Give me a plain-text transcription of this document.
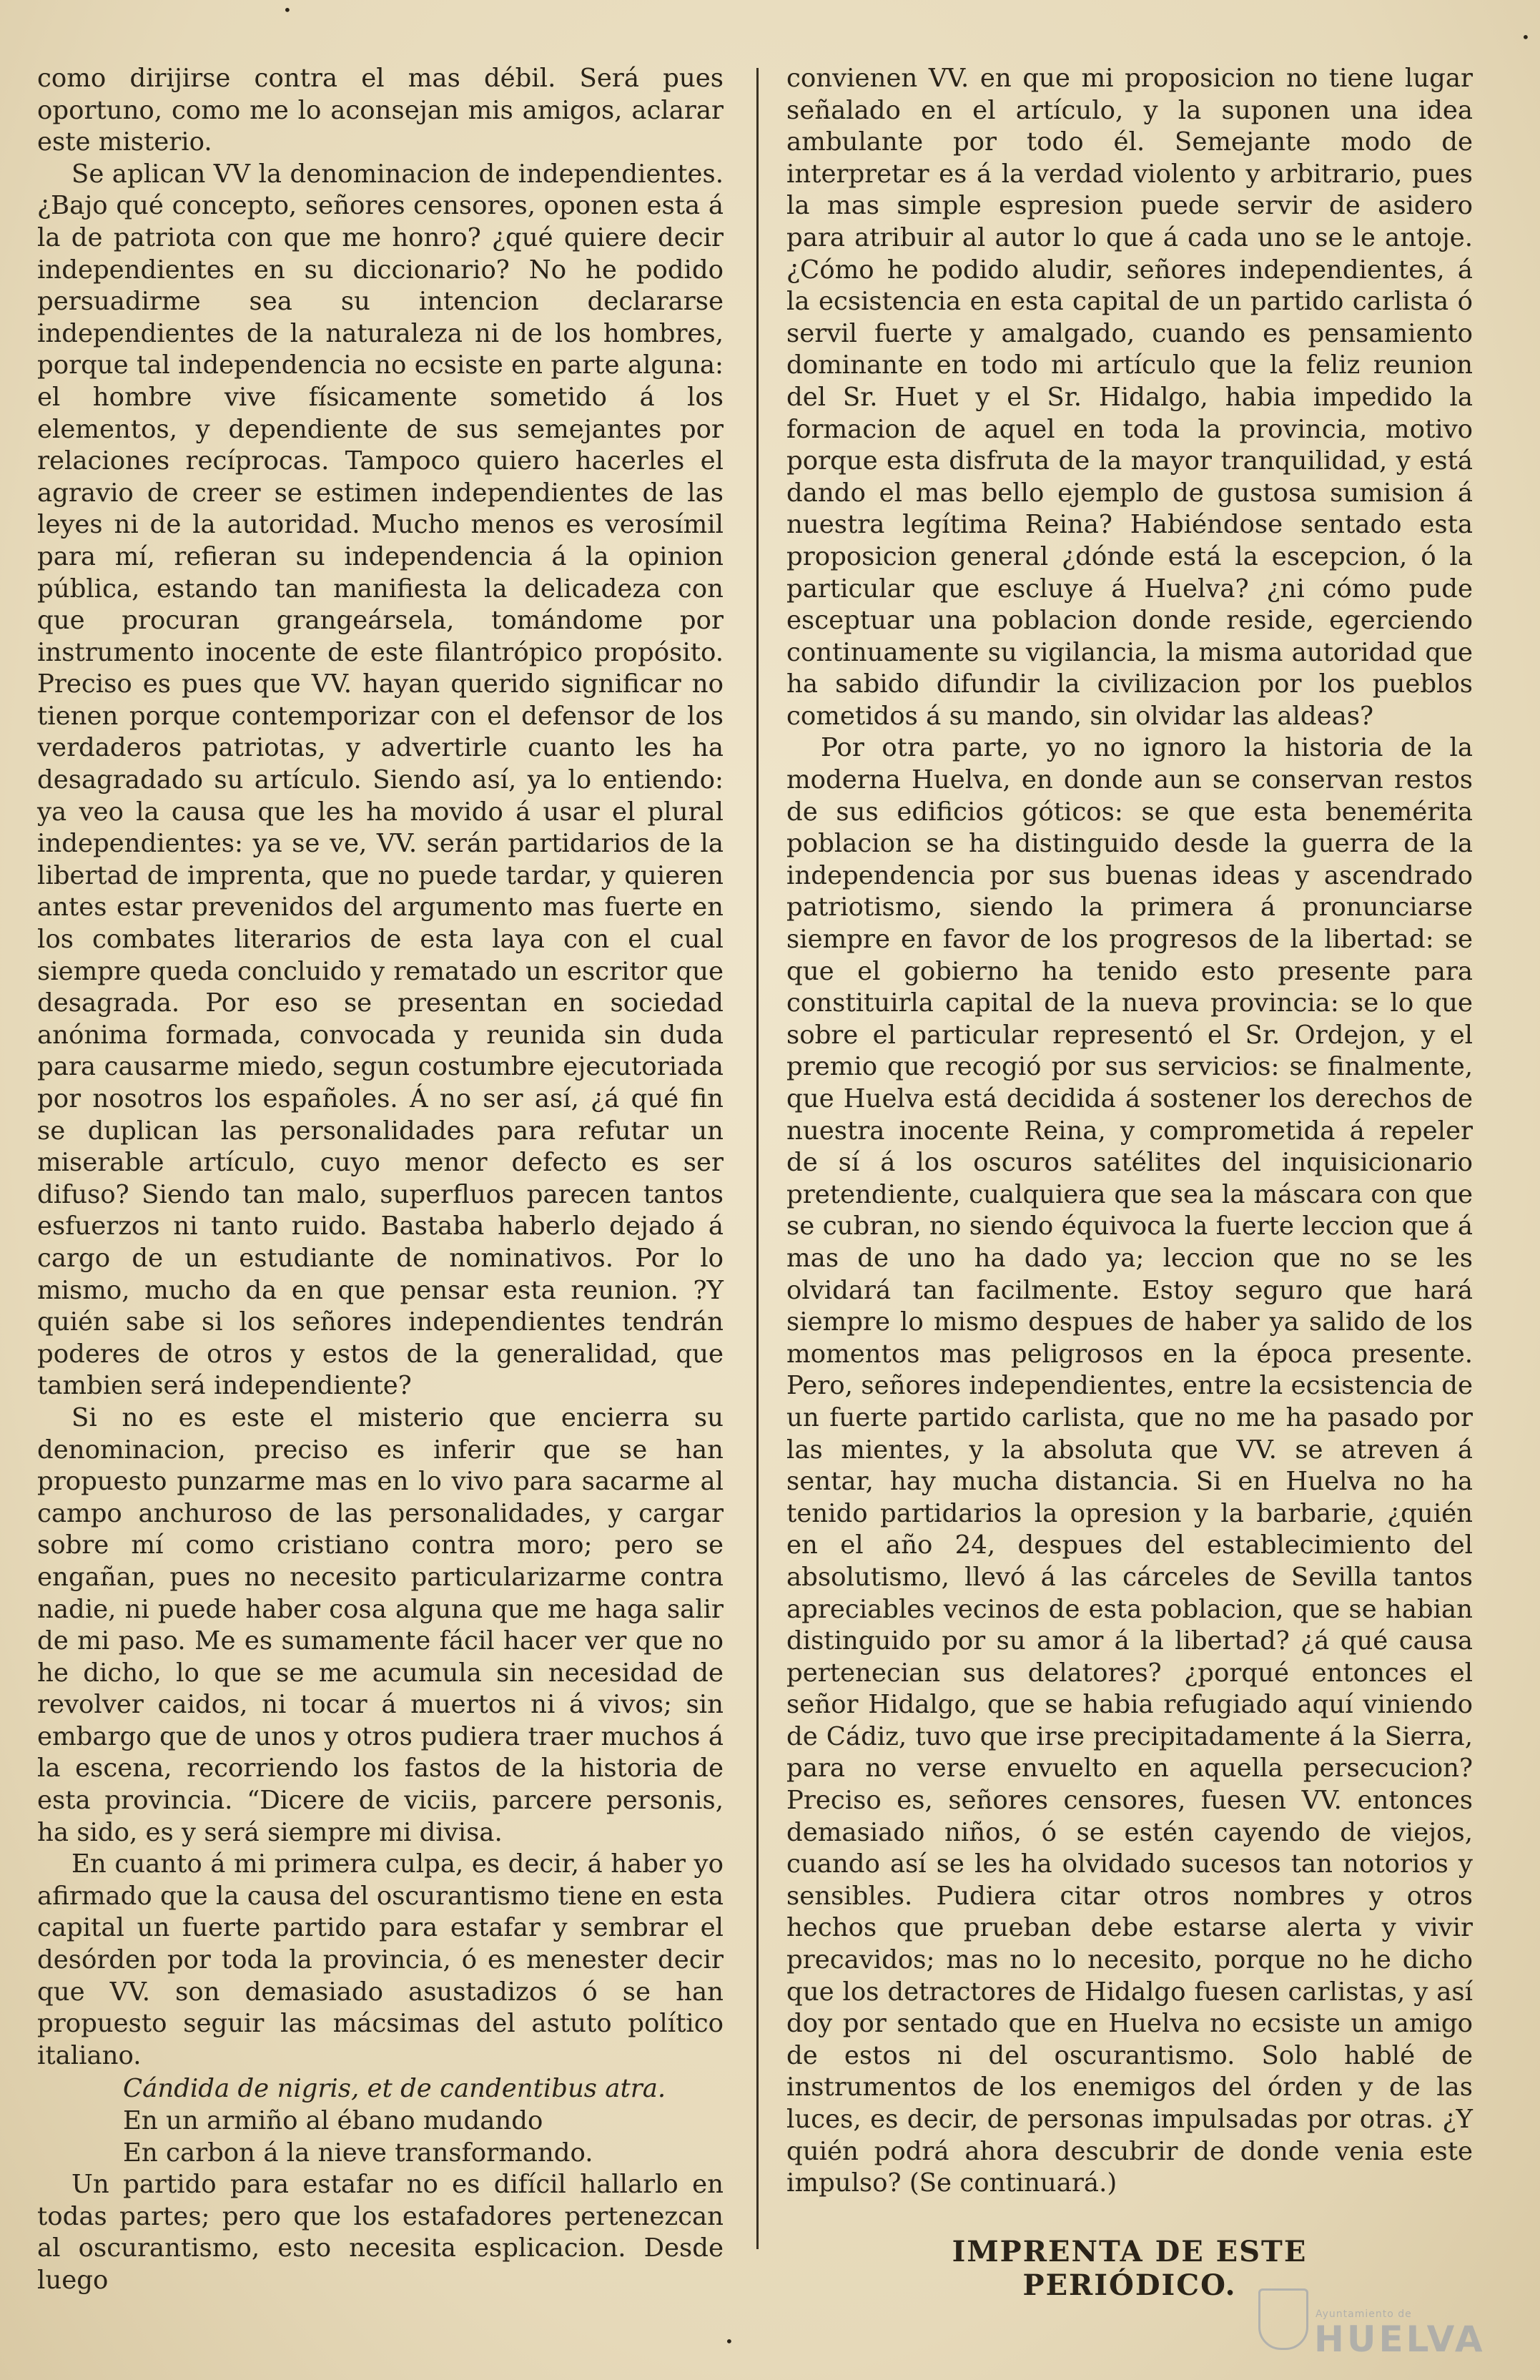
como dirijirse contra el mas débil. Será pues oportuno, como me lo aconsejan mis amigos, aclarar este misterio.

Se aplican VV la denominacion de independientes. ¿Bajo qué concepto, señores censores, oponen esta á la de patriota con que me honro? ¿qué quiere decir independientes en su diccionario? No he podido persuadirme sea su intencion declararse independientes de la naturaleza ni de los hombres, porque tal independencia no ecsiste en parte alguna: el hombre vive físicamente sometido á los elementos, y dependiente de sus semejantes por relaciones recíprocas. Tampoco quiero hacerles el agravio de creer se estimen independientes de las leyes ni de la autoridad. Mucho menos es verosímil para mí, refieran su independencia á la opinion pública, estando tan manifiesta la delicadeza con que procuran grangeársela, tomándome por instrumento inocente de este filantrópico propósito. Preciso es pues que VV. hayan querido significar no tienen porque contemporizar con el defensor de los verdaderos patriotas, y advertirle cuanto les ha desagradado su artículo. Siendo así, ya lo entiendo: ya veo la causa que les ha movido á usar el plural independientes: ya se ve, VV. serán partidarios de la libertad de imprenta, que no puede tardar, y quieren antes estar prevenidos del argumento mas fuerte en los combates literarios de esta laya con el cual siempre queda concluido y rematado un escritor que desagrada. Por eso se presentan en sociedad anónima formada, convocada y reunida sin duda para causarme miedo, segun costumbre ejecutoriada por nosotros los españoles. Á no ser así, ¿á qué fin se duplican las personalidades para refutar un miserable artículo, cuyo menor defecto es ser difuso? Siendo tan malo, superfluos parecen tantos esfuerzos ni tanto ruido. Bastaba haberlo dejado á cargo de un estudiante de nominativos. Por lo mismo, mucho da en que pensar esta reunion. ?Y quién sabe si los señores independientes tendrán poderes de otros y estos de la generalidad, que tambien será independiente?

Si no es este el misterio que encierra su denominacion, preciso es inferir que se han propuesto punzarme mas en lo vivo para sacarme al campo anchuroso de las personalidades, y cargar sobre mí como cristiano contra moro; pero se engañan, pues no necesito particularizarme contra nadie, ni puede haber cosa alguna que me haga salir de mi paso. Me es sumamente fácil hacer ver que no he dicho, lo que se me acumula sin necesidad de revolver caidos, ni tocar á muertos ni á vivos; sin embargo que de unos y otros pudiera traer muchos á la escena, recorriendo los fastos de la historia de esta provincia. “Dicere de viciis, parcere personis, ha sido, es y será siempre mi divisa.

En cuanto á mi primera culpa, es decir, á haber yo afirmado que la causa del oscurantismo tiene en esta capital un fuerte partido para estafar y sembrar el desórden por toda la provincia, ó es menester decir que VV. son demasiado asustadizos ó se han propuesto seguir las mácsimas del astuto político italiano.

Cándida de nigris, et de candentibus atra.
En un armiño al ébano mudando
En carbon á la nieve transformando.

Un partido para estafar no es difícil hallarlo en todas partes; pero que los estafadores pertenezcan al oscurantismo, esto necesita esplicacion. Desde luego

convienen VV. en que mi proposicion no tiene lugar señalado en el artículo, y la suponen una idea ambulante por todo él. Semejante modo de interpretar es á la verdad violento y arbitrario, pues la mas simple espresion puede servir de asidero para atribuir al autor lo que á cada uno se le antoje. ¿Cómo he podido aludir, señores independientes, á la ecsistencia en esta capital de un partido carlista ó servil fuerte y amalgado, cuando es pensamiento dominante en todo mi artículo que la feliz reunion del Sr. Huet y el Sr. Hidalgo, habia impedido la formacion de aquel en toda la provincia, motivo porque esta disfruta de la mayor tranquilidad, y está dando el mas bello ejemplo de gustosa sumision á nuestra legítima Reina? Habiéndose sentado esta proposicion general ¿dónde está la escepcion, ó la particular que escluye á Huelva? ¿ni cómo pude esceptuar una poblacion donde reside, egerciendo continuamente su vigilancia, la misma autoridad que ha sabido difundir la civilizacion por los pueblos cometidos á su mando, sin olvidar las aldeas?

Por otra parte, yo no ignoro la historia de la moderna Huelva, en donde aun se conservan restos de sus edificios góticos: se que esta benemérita poblacion se ha distinguido desde la guerra de la independencia por sus buenas ideas y ascendrado patriotismo, siendo la primera á pronunciarse siempre en favor de los progresos de la libertad: se que el gobierno ha tenido esto presente para constituirla capital de la nueva provincia: se lo que sobre el particular representó el Sr. Ordejon, y el premio que recogió por sus servicios: se finalmente, que Huelva está decidida á sostener los derechos de nuestra inocente Reina, y comprometida á repeler de sí á los oscuros satélites del inquisicionario pretendiente, cualquiera que sea la máscara con que se cubran, no siendo équivoca la fuerte leccion que á mas de uno ha dado ya; leccion que no se les olvidará tan facilmente. Estoy seguro que hará siempre lo mismo despues de haber ya salido de los momentos mas peligrosos en la época presente. Pero, señores independientes, entre la ecsistencia de un fuerte partido carlista, que no me ha pasado por las mientes, y la absoluta que VV. se atreven á sentar, hay mucha distancia. Si en Huelva no ha tenido partidarios la opresion y la barbarie, ¿quién en el año 24, despues del establecimiento del absolutismo, llevó á las cárceles de Sevilla tantos apreciables vecinos de esta poblacion, que se habian distinguido por su amor á la libertad? ¿á qué causa pertenecian sus delatores? ¿porqué entonces el señor Hidalgo, que se habia refugiado aquí viniendo de Cádiz, tuvo que irse precipitadamente á la Sierra, para no verse envuelto en aquella persecucion? Preciso es, señores censores, fuesen VV. entonces demasiado niños, ó se estén cayendo de viejos, cuando así se les ha olvidado sucesos tan notorios y sensibles. Pudiera citar otros nombres y otros hechos que prueban debe estarse alerta y vivir precavidos; mas no lo necesito, porque no he dicho que los detractores de Hidalgo fuesen carlistas, y así doy por sentado que en Huelva no ecsiste un amigo de estos ni del oscurantismo. Solo hablé de instrumentos de los enemigos del órden y de las luces, es decir, de personas impulsadas por otras. ¿Y quién podrá ahora descubrir de donde venia este impulso? (Se continuará.)

IMPRENTA DE ESTE PERIÓDICO.
Ayuntamiento de
HUELVA
•
•
•
